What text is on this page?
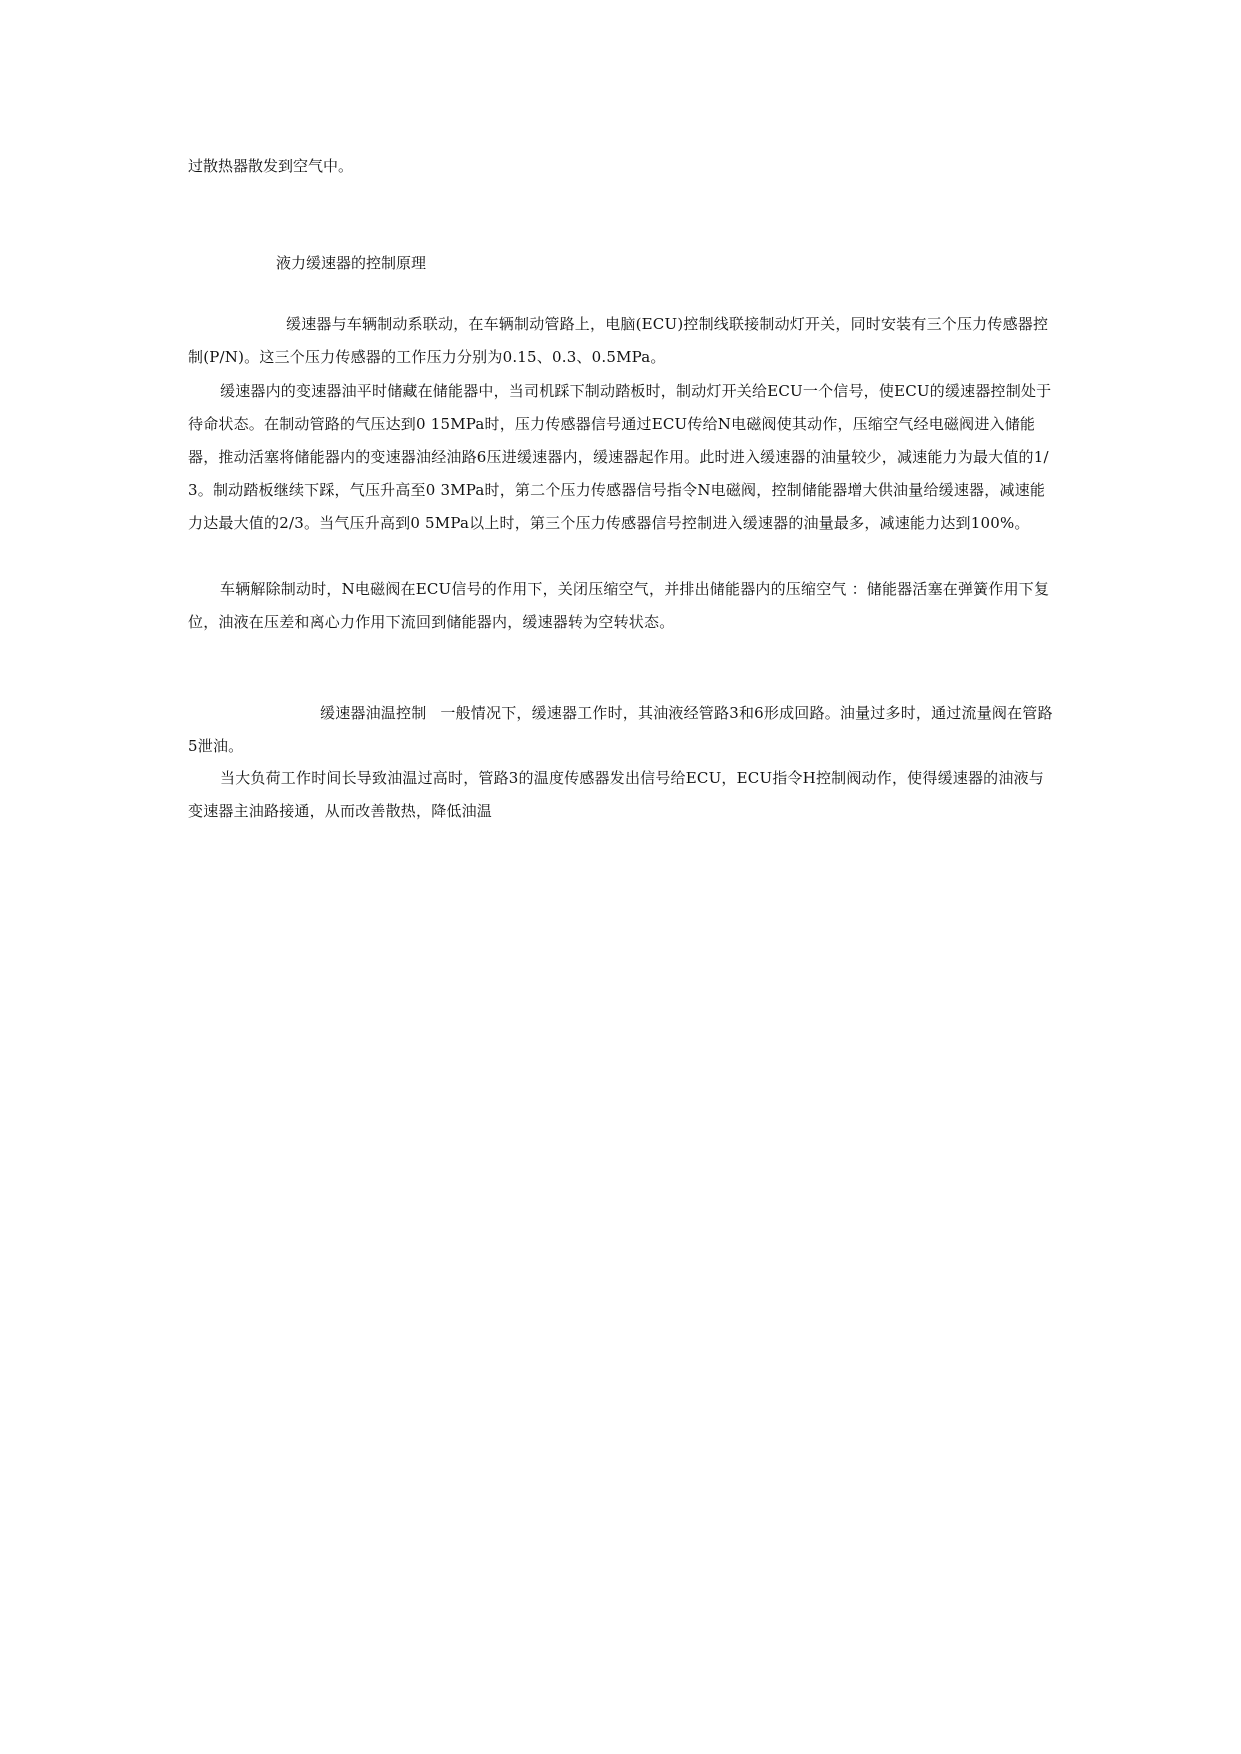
过散热器散发到空气中。
液力缓速器的控制原理
缓速器与车辆制动系联动，在车辆制动管路上，电脑(ECU)控制线联接制动灯开关，同时安装有三个压力传感器控制(P/N)。这三个压力传感器的工作压力分别为0.15、0.3、0.5MPa。
缓速器内的变速器油平时储藏在储能器中，当司机踩下制动踏板时，制动灯开关给ECU一个信号，使ECU的缓速器控制处于待命状态。在制动管路的气压达到0 15MPa时，压力传感器信号通过ECU传给N电磁阀使其动作，压缩空气经电磁阀进入储能器，推动活塞将储能器内的变速器油经油路6压进缓速器内，缓速器起作用。此时进入缓速器的油量较少，减速能力为最大值的1/3。制动踏板继续下踩，气压升高至0 3MPa时，第二个压力传感器信号指令N电磁阀，控制储能器增大供油量给缓速器，减速能力达最大值的2/3。当气压升高到0 5MPa以上时，第三个压力传感器信号控制进入缓速器的油量最多，减速能力达到100%。
车辆解除制动时，N电磁阀在ECU信号的作用下，关闭压缩空气，并排出储能器内的压缩空气 ：储能器活塞在弹簧作用下复位，油液在压差和离心力作用下流回到储能器内，缓速器转为空转状态。
缓速器油温控制 一般情况下，缓速器工作时，其油液经管路3和6形成回路。油量过多时，通过流量阀在管路5泄油。
当大负荷工作时间长导致油温过高时，管路3的温度传感器发出信号给ECU，ECU指令H控制阀动作，使得缓速器的油液与变速器主油路接通，从而改善散热，降低油温
